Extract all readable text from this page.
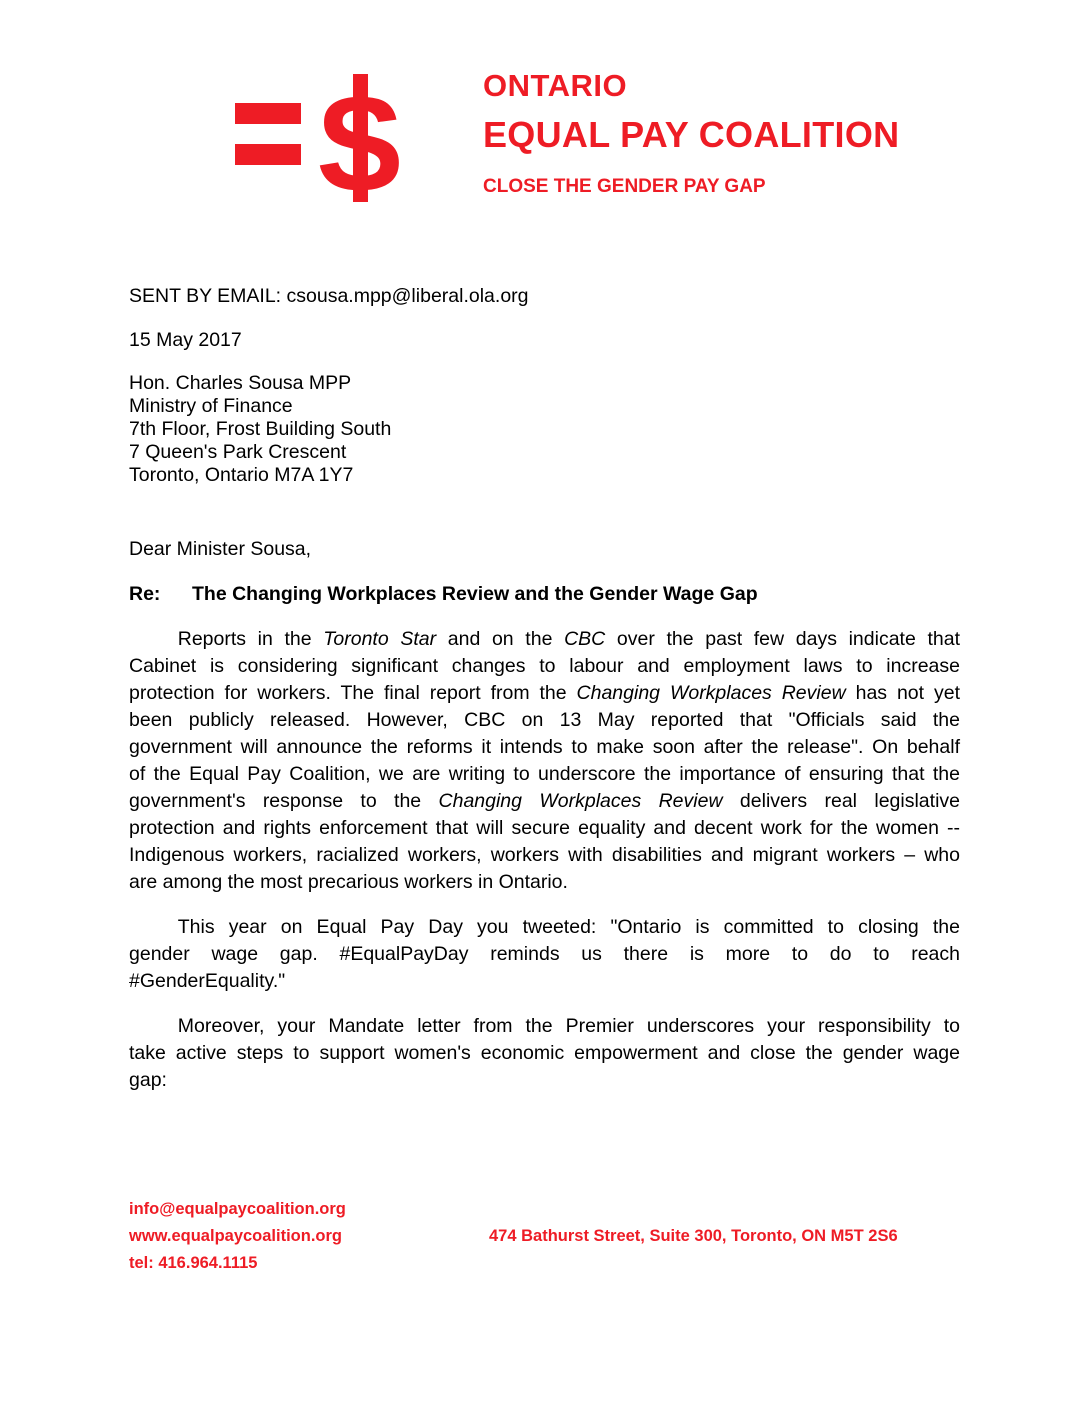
S	ONTARIO
EQUAL PAY COALITION
CLOSE THE GENDER PAY GAP
SENT BY EMAIL: csousa.mpp@liberal.ola.org
15 May 2017
Hon. Charles Sousa MPP
Ministry of Finance
7th Floor, Frost Building South
7 Queen's Park Crescent
Toronto, Ontario M7A 1Y7
Dear Minister Sousa,
Re: The Changing Workplaces Review and the Gender Wage Gap
   Reports in the Toronto Star and on the CBC over the past few days indicate that
Cabinet is considering significant changes to labour and employment laws to increase
protection for workers. The final report from the Changing Workplaces Review has not yet
been publicly released. However, CBC on 13 May reported that "Officials said the
government will announce the reforms it intends to make soon after the release". On behalf
of the Equal Pay Coalition, we are writing to underscore the importance of ensuring that the
government's response to the Changing Workplaces Review delivers real legislative
protection and rights enforcement that will secure equality and decent work for the women --
Indigenous workers, racialized workers, workers with disabilities and migrant workers – who
are among the most precarious workers in Ontario.
   This year on Equal Pay Day you tweeted: "Ontario is committed to closing the
gender wage gap. #EqualPayDay reminds us there is more to do to reach
#GenderEquality."
   Moreover, your Mandate letter from the Premier underscores your responsibility to
take active steps to support women's economic empowerment and close the gender wage
gap:
info@equalpaycoalition.org
www.equalpaycoalition.org
tel: 416.964.1115
474 Bathurst Street, Suite 300, Toronto, ON M5T 2S6
